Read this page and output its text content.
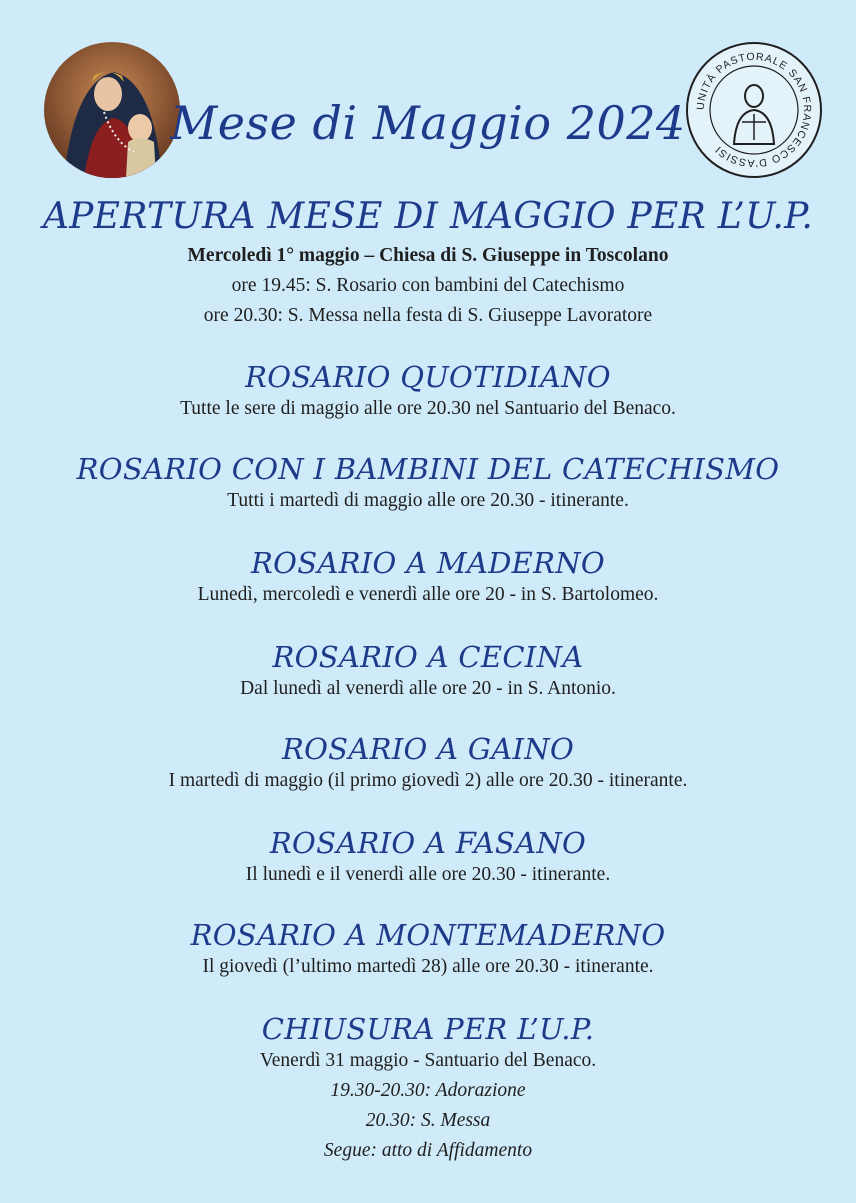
UNITÀ PASTORALE SAN FRANCESCO D'ASSISI
Mese di Maggio 2024
APERTURA MESE DI MAGGIO PER L’U.P.
Mercoledì 1° maggio – Chiesa di S. Giuseppe in Toscolano
ore 19.45: S. Rosario con bambini del Catechismo
ore 20.30: S. Messa nella festa di S. Giuseppe Lavoratore
ROSARIO QUOTIDIANO
Tutte le sere di maggio alle ore 20.30 nel Santuario del Benaco.
ROSARIO CON I BAMBINI DEL CATECHISMO
Tutti i martedì di maggio alle ore 20.30 - itinerante.
ROSARIO A MADERNO
Lunedì, mercoledì e venerdì alle ore 20 - in S. Bartolomeo.
ROSARIO A CECINA
Dal lunedì al venerdì alle ore 20 - in S. Antonio.
ROSARIO A GAINO
I martedì di maggio (il primo giovedì 2) alle ore 20.30 - itinerante.
ROSARIO A FASANO
Il lunedì e il venerdì alle ore 20.30 - itinerante.
ROSARIO A MONTEMADERNO
Il giovedì (l’ultimo martedì 28) alle ore 20.30 - itinerante.
CHIUSURA PER L’U.P.
Venerdì 31 maggio - Santuario del Benaco.
19.30-20.30: Adorazione
20.30: S. Messa
Segue: atto di Affidamento
